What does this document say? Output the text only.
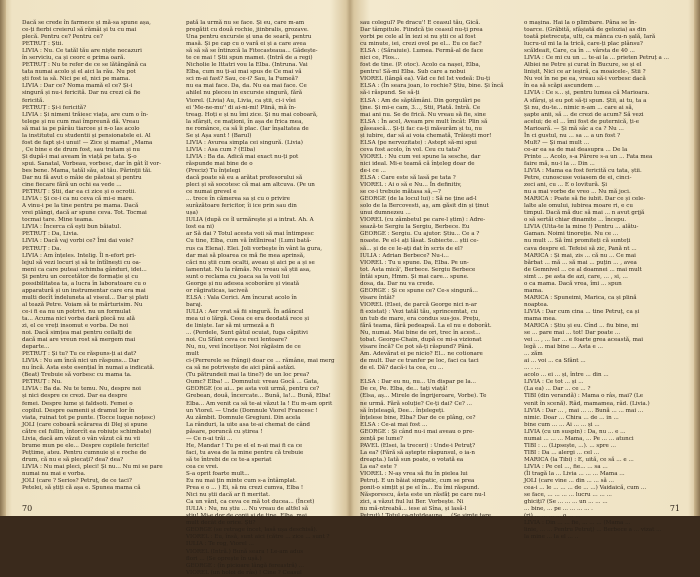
Dacă se crede în farmece și mă-sa spune așa,
ce-ți fierbi creierul să rămâi și tu cu mai
plecă. Pentru ce? Pentru ce?
PETRUȚ : Știi.
LIVIA : Nu. Ce tatăl tău are niște necazuri
în serviciu, ca și ceorc e prima oară.
PETRUȚ : Nu te refer de ce se lătăngănă ca
tata numai acolo și el aici la rău. Nu pot
ști fost ia să. Nici pe el, nici pe mama.
LIVIA : Dar ce? Noma mamă el ce? Și-i
singură și nu-i fericită. Dar nu crezi că fie
fericită.
PETRUȚ : Și-i fericită?
LIVIA : Și nimeni trăiesc viața, are cum o în-
telege și nu cum mai împreună dă. Vreau
să mai ia pe pârâu tiarcee și n-o las acolo
la institutul cu studentii și pensionatele ei. Al
fost de fapt și-i unui! — Zice și mama! „Mama
, Ce bine e de drum fost, sau tratam și nu
Și după-i mai aveam în viață pe tata. Ș-o
spui. Sanatal, Vorbeau, vorbesc, dar în gât îl vor-
bes bene. Mama, tatăl său, al tău. Părinții tăi.
Dar nu fă avut o mâie de păstoai și pentru
cine fiecare fără un ochi ea vede ...
PETRUȚ : Știi, dar ea ci zice și o ocrotii.
LIVIA : Și ce-i ca nu ceva că mi-e mare.
A vinu-i pe la tine pentru pe mama. Dacă
vrei plângi, dacă ar spune ceva. Tot. Tocmai
tocmai tare. Mine teama.
LIVIA : Încerca că ești bun băiatul.
PETRUȚ : Da, Livia.
LIVIA : Dacă vaj vorbi ce? Îmi dai voie?
PETRUȚ : Da.
LIVIA : Am înțeles. Intelig. Îl n-efort pri-
lejul să vezi locuri și să te întîlnești cu oa-
meni ca care puteai schimba gânduri, idei...
Și pentru un cercetător de formație și cu
possibilitatea ta, a lucra în laboratoare cu o
apparatură și un instrumentar care era mai
multi decît îndeluneta al viseul... Dar și plati
al tează Petre. Voiam să te mărturisim. Nu
ce-i fi ea nu un potrivt. nu un formulat
ta... Acuma nici vorba dară plecă nu ală
zi, el ce vreți insomut e vorba. De noi
noi. Dacă simțea mai pentru ceilalți de
dacă mai are vreun rost să mergem mai
departe...
PETRUȚ : Și tu? Tu ce răspuns-ți ai dat?
LIVIA : Nu am încă nici un răspuns... Dar
nu încă. Asta este esențial în numai a indicată.
(Beat) Trebuie să vorbesc cu mama ta.
PETRUȚ : Nu.
LIVIA : Ba da. Nu te temu. Nu, despre noi
și nici despre ce crezi. Dar ea despre
femei. Despre lume și faldsoti. Femei o
copilul. Despre oamenii și dramul lor în
viata, ruinat tot pe punte. (Tocce luque noțesc)
JOLI (care coboară scărarea di Dlej și spune
către cel fullin, întorcît ea robiuțe schimbate)
Livia, dacă am văzut o vân văzut că nu vii
brume mun pe ele... Despre copilele fericite!
Pețtime, ateu. Pentru cumnuie și e roche de
drum, că nu e să plecați? dea? dea?
LIVIA : Nu mai pleci, pleci! Și nu... Nu mi se pare
numai nu mai e vorba.
JOLI (care ? Serios? Petruț, de ce taci?
Petelei, să știți că așa e. Spunea mama că
pată la urmă nu se face. Și eu, care m-am
pregătit cu două rochie, jiinbralis, grozave.
Una pentru excursie și una de seară, pentru
masă. Și pe cap cu o vară ei și a care avea
să să să se întinzcă la Fitecasteaua... Gâdește-
te ce mai ! Știi spun mamei. (Intră de a regi)
Nicholie le Ittatri vou la Elba. (Intruna. Vai
Elba, cum nu ți-ai mai spus de Ce mai vă
sci m-ai fast? Sau, ce-i? Sau, la Fumeă?
nu ea mai face. Da, da. Nu ea mai face. Ce
ahilel nu pleceu in excursie singură, fără
Viorel. (Livia) Au, Livia, ca știi, ci-i vîei
ei 'Me-ne-mu'' di ai-ni-mi! Plină, mă în-
treag. Hoți e și nu îmi zice. Și nu mai coboară,
la sfârșit, ce maționi, în așa de frica mea,
ne românce, ca să îi plac. (Iar înșaltatea de
Se și Așa sunt ! (Barul)
LIVIA : Avurea simpla cei singură. (Livia)
LIVIA : Asa cum ? (Elba)
LIVIA : Ba da. Adică mai exact nu-ți pot
răspunde mai bine de o
(Preciz) Tu înțelegi
dacă poate să eu a arătat profesorului să
pleci și să socotesc că mai am altcuva. (Pe un
ce numai grevel e
... trece în cămerea sa și cu o privire
surâzătoare fericitor, îi ice prin sau din
ușa)
IULIA (după ce îl urmărește și a intrat. Ah. A
lost ea ni)
ar Să dai ? Totul acesta voii să mai întimpesc
Cu tine, Elba, cum vă întîlnirea! (Lumi bată-
rus ca Elena). Elei. Joli vorbește în vânt la gura,
dar mai să ploarea ce mă fie mea aprinsă,
căci nu știi cum ocalti, aveau și aici pe a și se
lamentat. Nu la rămăs. Nu vreau să știi asa,
sunt o reclama cu joaca sa la voii lui
George și nu adesea scoborâre și vieată
or răgiraticas, iaciveă
ELSA : Vala Cerici. Am încurat acolo în
baraj.
IULIA : Aer vrat să fii singură. În adăncul
mea ui o lărgă. Ceea ce era deodată rece și
de liniște. Iar să mi urmeză a fi
... (Perdele, Sunt gâtul ocuiat, fuga căpitivi
noi. Cu Sfânt ceva ce reci lentoare?
Nu, nu, vrei încetișor. Noi răgăsim de ce
mult
ci-(Perrerele se frăngi) doar ce ... rămâne, mai merg
ca să ne potrivește de aici până astăzi.
(Tu pătrundeii mai la tine?) de un loc prea?
Oumc? Elba! ... Domnului: vreau Gocă ... Gata,
GEORGE (ce ai... pe asta voii urmă, pentru ce?
Grebean, două, încercate... Bună, la!... Bună, Elba!
Elba... Am venit ca să te-ai văzut la ! Eu m-am oprit
un Viorel. — Unde (Domnule Viorel Francesc !
Au zămbit. Domnule Gregiuni. Din acela
La rânduri, la uite asa te-ai chemat de când
păsare, poruncă cu știrea !
— Ce n-ai trăi ...
He, Mandar ! Tu pe el el n-ai mai fi ca ce
faci, tu avea de la mine pentru că trebuie
să te întrebi de ce te-a speriat
cea ce vrei.
S-a oprit foarte mult...
Eu nu mai țin minte cum s-a întâmplat.
Prea e o ... ) Ei, să nu crezi cumva, Elba !
Nici nu știi dacă ar fi meritat.
Ca un vânt, ca ceva ce mă tot ducea... (Încet)
IULIA : Nu, nu știu ... Nu vreau de altfel să
știu! Mi-e dor de copii și de tine, Elba, mai
mult decât de orice. Ști?
GEORGE (se retrage încet, lasă ușa deschisă).
VIOREL : Eu, însă, sunt aici (către ... zice ... sunt ?
IULIA : Te rog, Viorel ...
VIOREL (Intră.) Bună seara ! Le-am adus
flori ... (Se oprește în ușă.)
GEORGE : (în picioare lângă fereastră) ...
VIOREL (un holoi de râs) ! Cine ? Ceasul
70
sau colegul? Pe dracu'! E ceasul tău, Gică.
Dar tâmpitule. Fiindcă ție ceasul nu-ți prea
vorbi pe cele al în iezi si nu știi ce al fost
cu minute, iei, crezi ovol pe el... Eu ce fac?
ELSA : (Săraiuie). Lumea. Fermă-al de face
nici ce, Flos...
fost de tine. (P. otoc). Acolo ca nașei, Elba,
pentru! Să-mi Elba. Sub care a nobui
VIOREL (lângă ea). Văd ce fel Ist vedeă: Du-ți
ELSA : (În seara joan, lo rochie? Știu, bine. Și încă
să-i răspund. Se să-ți
ELSA : Am de săptămâni. Din gorgulâri pe
ține. Și mi-e cam, 3..., Stii, Plată. Intră. Ce
mai ani nu. Se de frică. Nu vreau să fie, sine
ELSA : În acel, Aveam pre mult încât: Plin să
găsească... Și-ți fac ca-ți măsurăm și tu, nu
și iubire, dar să ai voia chemată, Trăiești mor!
ELSA (pe nervozitate) : Astept să-mi spui
ceva fost acolo, în vol. Ceu cu tata?
VIOREL : Nu cum vei spune la sesche, dar
nici ideal. Mi-e teamă că înțeleg doar de
de-i ce ...
ELSA : Care este să lasă pe tata ?
VIOREL : Ai o să e Nu... În definitiv,
se ce-i trebuie mătasa să,—?
GEORGE (de la locul lui) : Să ne ține ad-l
solo de la Bercovesti, aș, am găsit din și ținut
unui dumnezeu ...
VIOREL (cu zâmbetul pe care-l știm) : Adre-
sează-te Sergiu la Sergiu, Berbece. Eu
GEORGE : Sergiu. Cu ajutor. Știu... Ce a ?
noaste. Pe el-i ați lăsat. Subiecte... știi ce-
să... și de ce le-ați dat în scris de el?
IULIA : Adrian Berbece? Nu-i...
VIOREL : Tu u spune. Da, Elba. Pe un-
tot. Asta mică', Berbece. Sergiu Berbece
întâi spun, Hmm. Și mai care... spune.
dosa, da. Dar nu va crede.
GEORGE : Și ce spune ce? Ce-s singură...
visare întâi?
VIOREL (Elsei, de parcă George nici n-ar
fi existat) : Vezi tatăl tău, sprincemtat, cu
un tub de mare, era condus sus-jos. Prețu,
fără teama, fără pedeapsă. La el nu e doborât.
Nu, numai. Mai bine de ori, trec în acest...
tobat. George-Chain, după ce mi-a vizionat
visare încă? Ce pot să-ți răspund? Până.
Am. Adevărat ei pe nicio? El... ne cotionare
de mult. Dar ce tranfer pe loc, faci ca taci
de el. Dă? dacă-i ta cea, cu ...

ELSA : Dar eu nu, nu... Un dispar pe la...
De ce, Pe. Elba, de... tați viață!
(Elsa, aș... Mirele de îngrijeroare, Vorbe). Te
ne urmă. Fără soluție? Ce-ți dai? Ce? ...
să înțeleagă, Dee... înțelegeți.
înțelese bine, Elba? Dar de ce plâng, ce?
ELSA : Ce-ai mai fost ...
GEORGE : Și când nu-i mai aveau o pre-
zență pe lume?
PAVEL (Elsei, la treceri) : Unde-i Petruț?
La ea? (Fără să aștepte răspunsul, o ia-n
dreapta.) Iată sun poate, o votată ea
La ea? este ?
VIOREL : N-aș vrea să fiu în pielea lui
Petruț. E un băiat simpatic, cum se prea
ponit-o simțit și pe el în... Eu îmi răspund.
Năsporescu, ăsta este un răsfăț pe care nu-l
zici, a văzut fiul lui Ber. Vorbește. Ni
nu mă-ntreabă... iese ai Sîna, și lasă-l
Petruț) ! Totul ca-ntotdeauna ... (Se simte tare,
o mașina. Hai la o plimbare. Pâna se în-
toarce. (Grăbită, sfâșiată de gelozia) as din
toată pietrecuța, ulti, ca mânca cu-n șală, Iară
lucru-ul mi la la trică, care-ți plac plânsu?
scăldeait, Care, ca în ... vârsta de 40 ...
LIVIA : Ce mi cu un ... te-ai la ... prieten Petruț a ...
Albiei ne Petre și curat în Bucure, se și el
linișit, Nici ce ar ieșiră, ca moaicele-, Stii ?
Nu voi în ne pe ea, vreau să-i vorbesc dacă
în ea să scăpi ascundem ...
LIVIA : Ce s... și, pentru lumea că Marioara.
A sfârși, și eu pot să-ți spun. Știi, ai tu, ta a
Și nu, du-te... nimic n-am ... care ai să,
șapte anii, să ... de crezi de acum? Să vezi
acelui; de el ... îmi fost de puternică, ți-e
Marioară. — Și mă sâc a ca ? Nu ...
În ci gustul, nu ... sa ... a un fost ?
Mult? — Și mai mult ...
ce-ar ea sa de mai deasupra ... De la
Printe ... Acolo, s-a Părere s-a un ... Fata mea
faire mă, nu-i la ... Din ...
LIVIA : Mama ea fost fericită cu tata, știi.
Petre, cunoscuse voiasem de ei, cinci-
zeci ani, cu ... E o lovitură. Și
nu a mai vorbe de vreo ... Nu mă joci.
MARICA : Poate să fie iubit. Dar ce și cele-
lalte ale omului, iubirea moare ri, e cu
timpul. Dacă mă duc să mai ... n avut grijă
o să sertăi chiar dinamite ... începu.
LIVIA (Uita-te la mine !) Pentru ... alătu-
Gaman. Noimi tinoreție. Nu ce ...
nu mult ... Să îmi promiteți că sunteți
cava despre el. Tefeisi să zic, Pană nt ...
MARICA : Și mai, zis ... că nu ... Ce mai
bărbat ... mă ... să mai ... puțin ... , avea
de Gemnivel ... ce al doamnei ... mai mult
simt ... pe asta de azi, care, ... , si, ...
o ca mama. Dacă vrea, îmi ... spun
mama.
MARICA : Spuneimi, Marica, ca și plină
noaptea.
LIVIA : Dar cum cina ... tine Petruț, ca și
mama mea.
MARICA : Știu și eu. Cînd ... fiu bine, mi
se ... pare mai ... tot! Dar poate ...
vei ... , ... Iar ... e foarte grea această, mai
legă ... mai bine ... Asta e ...
... zăm
ai ... voi ... ca Sfânt ...
... . ...
acolo ... ei ... și, între ... din ...
LIVIA : Ce tot ... și ...
(La ea) ... Dar ... ce ... ?
TIBI (din verandă) : Mama o râs, mai? (Le
venit în scenă). Râd, mamamea, râd. (Livia.)
LIVIA : Dar ... , mai ... ... Bună ... ... mai ...
nimic. Doar ... Chira ... de ... in ...
bine cum ... ... Ai ... ... și ...
LIVIA (cu un suspin) : Da, nu ... e ...
numai ... ... ... Mama, ... Pe ... ... atunci
TIBI : ... (Lipsește, ...). ... spre ...
TIBI : Da ... alergi ... cel ...
MARICA (la Tibi) : E, uită, ce să ... e ...
LIVIA : Pe cel ..., fie... ... sa ...
(Îl tragă la ... Livia ... ... ... Mama ...
JOLI (care vine ... din ... ... să ...
cea-i ... le ... ... ... de ... ...) Vaidaică, cum ...
se face, ... ... ... ... lucru ... ... ...
ghiciți? (Se ... ... ... un ... ... ...
... bine, ... pe ... ... ... ... .
(ri) ... ... ... ... o ... ...
LIVIA : Din ... ... fie, ... ... ... (Mama ...
linie, ... ... Pentru Petruț) ... Berbece a ... vizat ...
la mine ... la el ... ..
71
